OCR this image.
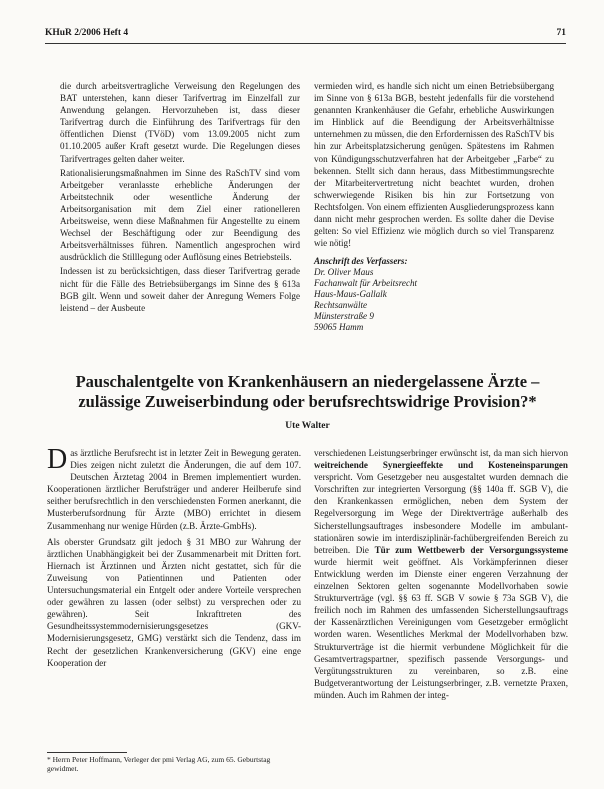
KHuR 2/2006 Heft 4	71

die durch arbeitsvertragliche Verweisung den Regelungen des BAT unterstehen, kann dieser Tarifvertrag im Einzelfall zur Anwendung gelangen. Hervorzuheben ist, dass dieser Tarifvertrag durch die Einführung des Tarifvertrags für den öffentlichen Dienst (TVöD) vom 13.09.2005 nicht zum 01.10.2005 außer Kraft gesetzt wurde. Die Regelungen dieses Tarifvertrages gelten daher weiter.

Rationalisierungsmaßnahmen im Sinne des RaSchTV sind vom Arbeitgeber veranlasste erhebliche Änderungen der Arbeitstechnik oder wesentliche Änderung der Arbeitsorganisation mit dem Ziel einer rationelleren Arbeitsweise, wenn diese Maßnahmen für Angestellte zu einem Wechsel der Beschäftigung oder zur Beendigung des Arbeitsverhältnisses führen. Namentlich angesprochen wird ausdrücklich die Stilllegung oder Auflösung eines Betriebsteils.

Indessen ist zu berücksichtigen, dass dieser Tarifvertrag gerade nicht für die Fälle des Betriebsübergangs im Sinne des § 613a BGB gilt. Wenn und soweit daher der Anregung Wemers Folge leistend – der Ausbeute

vermieden wird, es handle sich nicht um einen Betriebsübergang im Sinne von § 613a BGB, besteht jedenfalls für die vorstehend genannten Krankenhäuser die Gefahr, erhebliche Auswirkungen im Hinblick auf die Beendigung der Arbeitsverhältnisse unternehmen zu müssen, die den Erfordernissen des RaSchTV bis hin zur Arbeitsplatzsicherung genügen. Spätestens im Rahmen von Kündigungsschutzverfahren hat der Arbeitgeber „Farbe“ zu bekennen. Stellt sich dann heraus, dass Mitbestimmungsrechte der Mitarbeitervertretung nicht beachtet wurden, drohen schwerwiegende Risiken bis hin zur Fortsetzung von Rechtsfolgen. Von einem effizienten Ausgliederungsprozess kann dann nicht mehr gesprochen werden. Es sollte daher die Devise gelten: So viel Effizienz wie möglich durch so viel Transparenz wie nötig!

Anschrift des Verfassers:
Dr. Oliver Maus
Fachanwalt für Arbeitsrecht
Haus-Maus-Gallalk
Rechtsanwälte
Münsterstraße 9
59065 Hamm
Pauschalentgelte von Krankenhäusern an niedergelassene Ärzte – zulässige Zuweiserbindung oder berufsrechtswidrige Provision?*
Ute Walter

Das ärztliche Berufsrecht ist in letzter Zeit in Bewegung geraten. Dies zeigen nicht zuletzt die Änderungen, die auf dem 107. Deutschen Ärztetag 2004 in Bremen implementiert wurden. Kooperationen ärztlicher Berufsträger und anderer Heilberufe sind seither berufsrechtlich in den verschiedensten Formen anerkannt, die Musterberufsordnung für Ärzte (MBO) errichtet in diesem Zusammenhang nur wenige Hürden (z.B. Ärzte-GmbHs).

Als oberster Grundsatz gilt jedoch § 31 MBO zur Wahrung der ärztlichen Unabhängigkeit bei der Zusammenarbeit mit Dritten fort. Hiernach ist Ärztinnen und Ärzten nicht gestattet, sich für die Zuweisung von Patientinnen und Patienten oder Untersuchungsmaterial ein Entgelt oder andere Vorteile versprechen oder gewähren zu lassen (oder selbst) zu versprechen oder zu gewähren). Seit Inkrafttreten des Gesundheitssystemmodernisierungsgesetzes (GKV-Modernisierungsgesetz, GMG) verstärkt sich die Tendenz, dass im Recht der gesetzlichen Krankenversicherung (GKV) eine enge Kooperation der

verschiedenen Leistungserbringer erwünscht ist, da man sich hiervon weitreichende Synergieeffekte und Kosteneinsparungen verspricht. Vom Gesetzgeber neu ausgestaltet wurden demnach die Vorschriften zur integrierten Versorgung (§§ 140a ff. SGB V), die den Krankenkassen ermöglichen, neben dem System der Regelversorgung im Wege der Direktverträge außerhalb des Sicherstellungsauftrages insbesondere Modelle im ambulant-stationären sowie im interdisziplinär-fachübergreifenden Bereich zu betreiben. Die Tür zum Wettbewerb der Versorgungssysteme wurde hiermit weit geöffnet. Als Vorkämpferinnen dieser Entwicklung werden im Dienste einer engeren Verzahnung der einzelnen Sektoren gelten sogenannte Modellvorhaben sowie Strukturverträge (vgl. §§ 63 ff. SGB V sowie § 73a SGB V), die freilich noch im Rahmen des umfassenden Sicherstellungsauftrags der Kassenärztlichen Vereinigungen vom Gesetzgeber ermöglicht worden waren. Wesentliches Merkmal der Modellvorhaben bzw. Strukturverträge ist die hiermit verbundene Möglichkeit für die Gesamtvertragspartner, spezifisch passende Versorgungs- und Vergütungsstrukturen zu vereinbaren, so z.B. eine Budgetverantwortung der Leistungserbringer, z.B. vernetzte Praxen, münden. Auch im Rahmen der integ-

* Herrn Peter Hoffmann, Verleger der pmi Verlag AG, zum 65. Geburtstag gewidmet.
